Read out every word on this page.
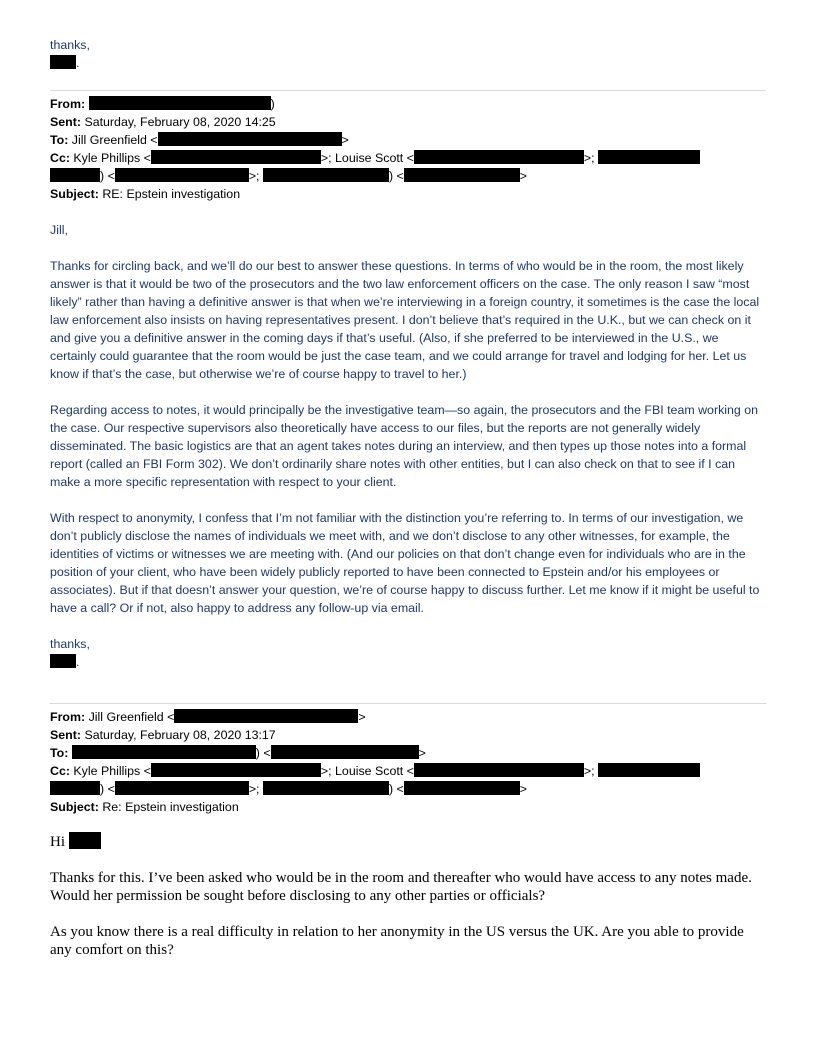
thanks,
.
From:	)
Sent: Saturday, February 08, 2020 14:25
To: Jill Greenfield <	>
Cc: Kyle Phillips <	>; Louise Scott <	>;
) <	>;	) <	>
Subject: RE: Epstein investigation
Jill,
Thanks for circling back, and we’ll do our best to answer these questions. In terms of who would be in the room, the most likely answer is that it would be two of the prosecutors and the two law enforcement officers on the case. The only reason I saw “most likely” rather than having a definitive answer is that when we’re interviewing in a foreign country, it sometimes is the case the local law enforcement also insists on having representatives present. I don’t believe that’s required in the U.K., but we can check on it and give you a definitive answer in the coming days if that’s useful. (Also, if she preferred to be interviewed in the U.S., we certainly could guarantee that the room would be just the case team, and we could arrange for travel and lodging for her. Let us know if that’s the case, but otherwise we’re of course happy to travel to her.)
Regarding access to notes, it would principally be the investigative team—so again, the prosecutors and the FBI team working on the case. Our respective supervisors also theoretically have access to our files, but the reports are not generally widely disseminated. The basic logistics are that an agent takes notes during an interview, and then types up those notes into a formal report (called an FBI Form 302). We don’t ordinarily share notes with other entities, but I can also check on that to see if I can make a more specific representation with respect to your client.
With respect to anonymity, I confess that I’m not familiar with the distinction you’re referring to. In terms of our investigation, we don’t publicly disclose the names of individuals we meet with, and we don’t disclose to any other witnesses, for example, the identities of victims or witnesses we are meeting with. (And our policies on that don’t change even for individuals who are in the position of your client, who have been widely publicly reported to have been connected to Epstein and/or his employees or associates). But if that doesn’t answer your question, we’re of course happy to discuss further. Let me know if it might be useful to have a call? Or if not, also happy to address any follow-up via email.
thanks,
.
From: Jill Greenfield <	>
Sent: Saturday, February 08, 2020 13:17
To:	) <	>
Cc: Kyle Phillips <	>; Louise Scott <	>;
) <	>;	) <	>
Subject: Re: Epstein investigation
Hi
Thanks for this. I’ve been asked who would be in the room and thereafter who would have access to any notes made. Would her permission be sought before disclosing to any other parties or officials?
As you know there is a real difficulty in relation to her anonymity in the US versus the UK. Are you able to provide any comfort on this?
